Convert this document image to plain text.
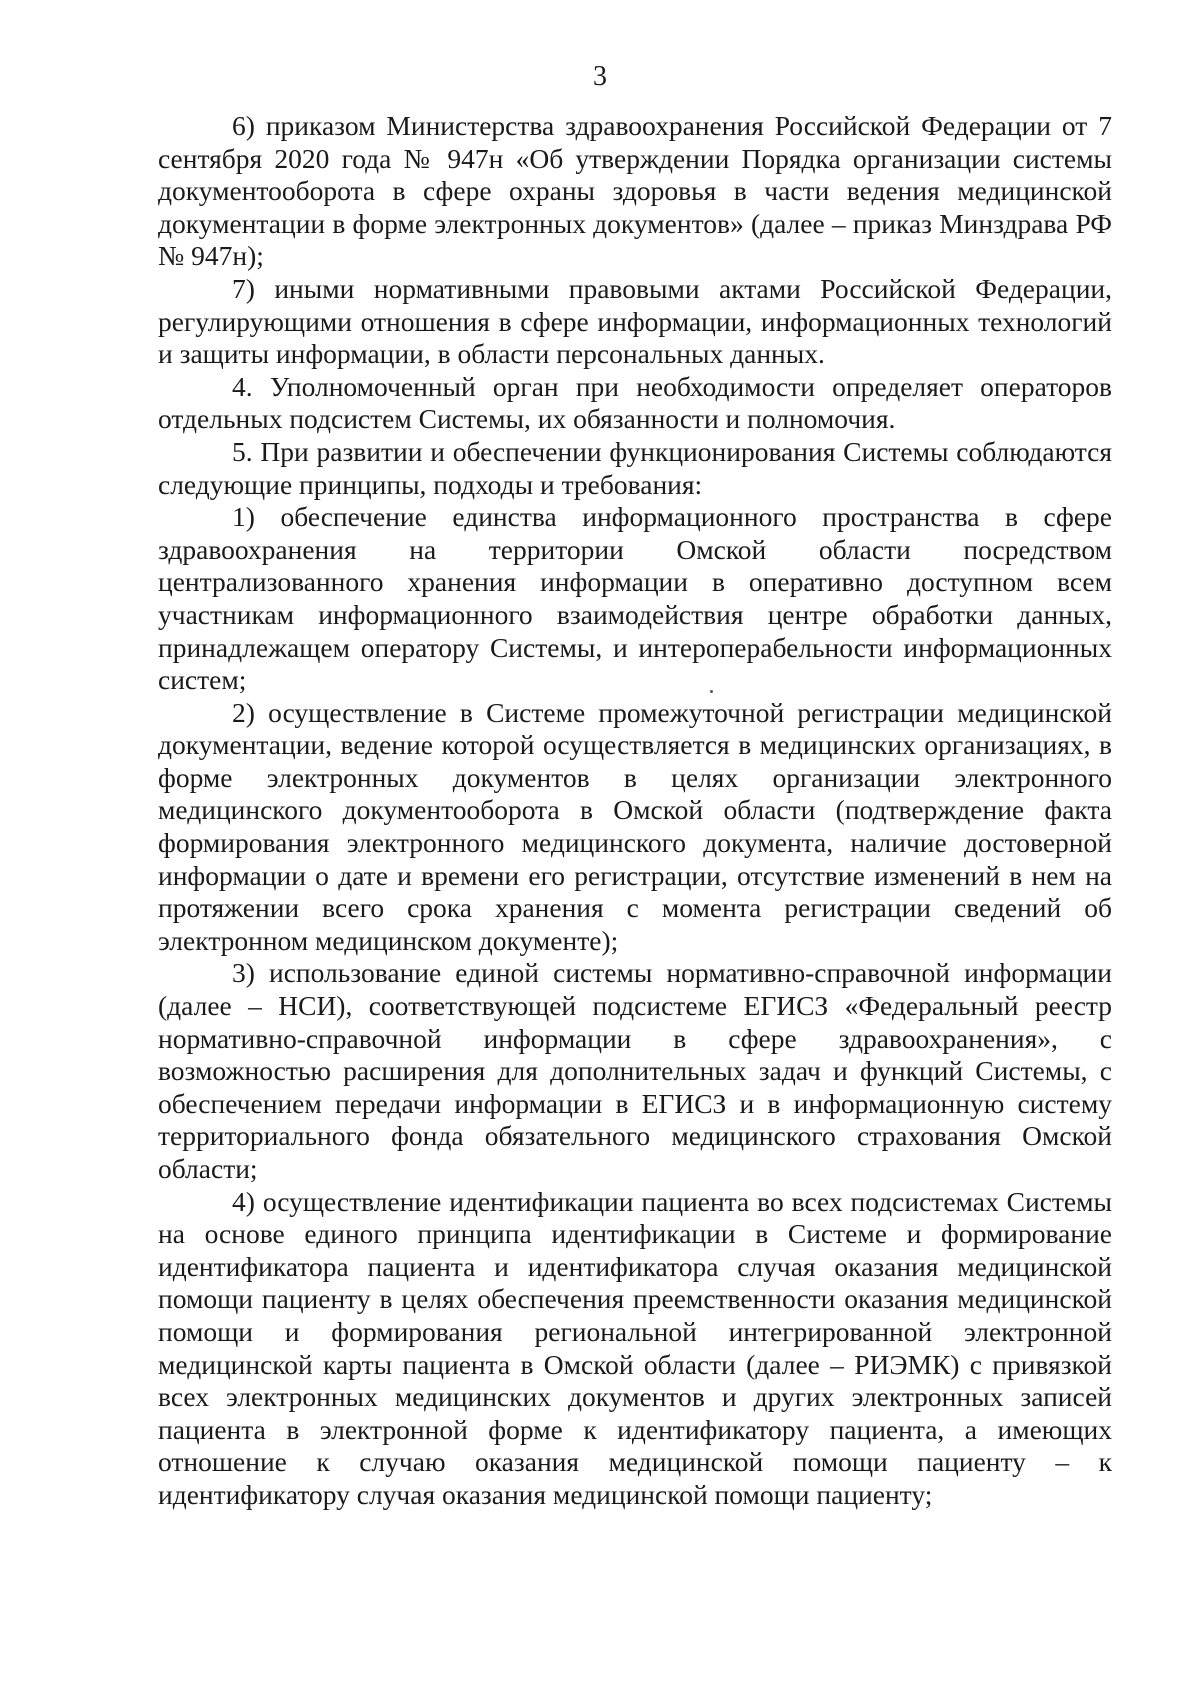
3

6) приказом Министерства здравоохранения Российской Федерации от 7 сентября 2020 года № 947н «Об утверждении Порядка организации системы документооборота в сфере охраны здоровья в части ведения медицинской документации в форме электронных документов» (далее – приказ Минздрава РФ № 947н);

7) иными нормативными правовыми актами Российской Федерации, регулирующими отношения в сфере информации, информационных технологий и защиты информации, в области персональных данных.

4. Уполномоченный орган при необходимости определяет операторов отдельных подсистем Системы, их обязанности и полномочия.

5. При развитии и обеспечении функционирования Системы соблюдаются следующие принципы, подходы и требования:

1) обеспечение единства информационного пространства в сфере здравоохранения на территории Омской области посредством централизованного хранения информации в оперативно доступном всем участникам информационного взаимодействия центре обработки данных, принадлежащем оператору Системы, и интероперабельности информационных систем;

2) осуществление в Системе промежуточной регистрации медицинской документации, ведение которой осуществляется в медицинских организациях, в форме электронных документов в целях организации электронного медицинского документооборота в Омской области (подтверждение факта формирования электронного медицинского документа, наличие достоверной информации о дате и времени его регистрации, отсутствие изменений в нем на протяжении всего срока хранения с момента регистрации сведений об электронном медицинском документе);

3) использование единой системы нормативно-справочной информации (далее – НСИ), соответствующей подсистеме ЕГИСЗ «Федеральный реестр нормативно-справочной информации в сфере здравоохранения», с возможностью расширения для дополнительных задач и функций Системы, с обеспечением передачи информации в ЕГИСЗ и в информационную систему территориального фонда обязательного медицинского страхования Омской области;

4) осуществление идентификации пациента во всех подсистемах Системы на основе единого принципа идентификации в Системе и формирование идентификатора пациента и идентификатора случая оказания медицинской помощи пациенту в целях обеспечения преемственности оказания медицинской помощи и формирования региональной интегрированной электронной медицинской карты пациента в Омской области (далее – РИЭМК) с привязкой всех электронных медицинских документов и других электронных записей пациента в электронной форме к идентификатору пациента, а имеющих отношение к случаю оказания медицинской помощи пациенту – к идентификатору случая оказания медицинской помощи пациенту;
